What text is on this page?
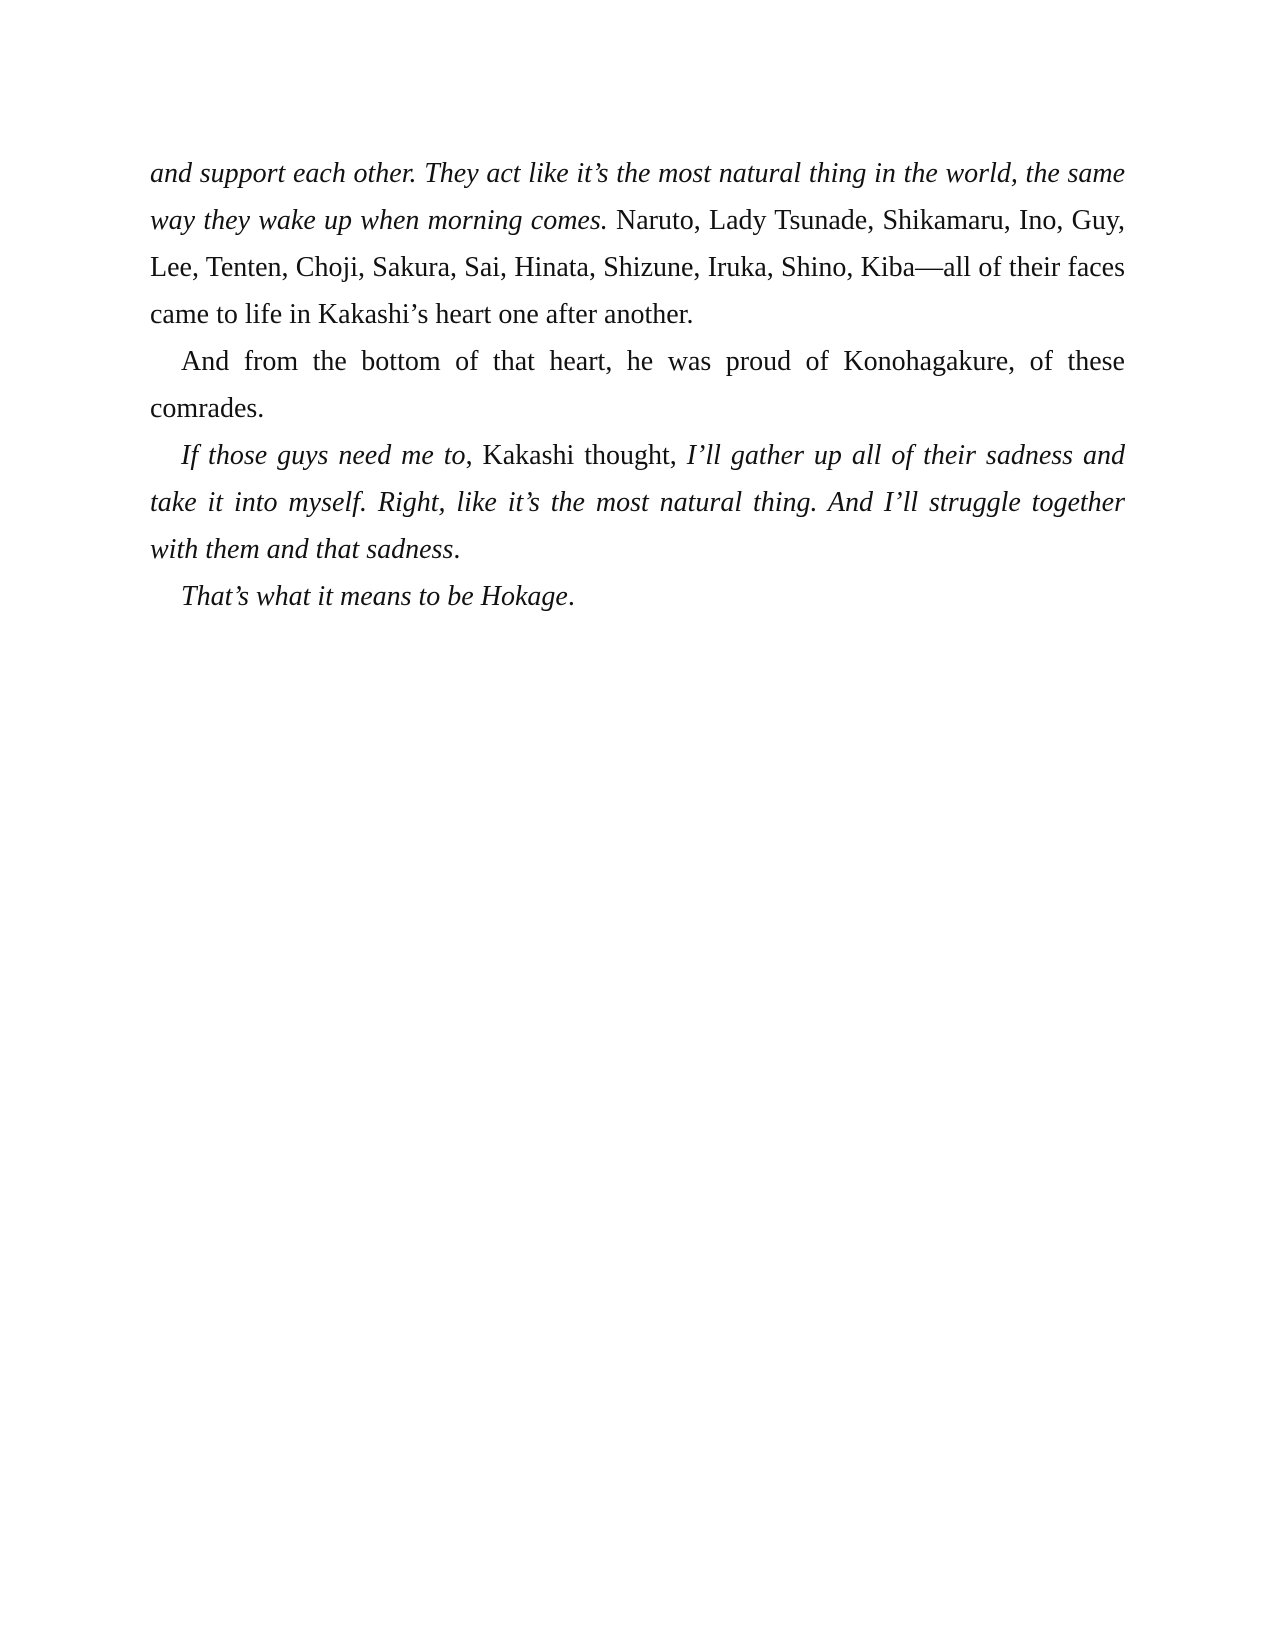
and support each other. They act like it’s the most natural thing in the world, the same way they wake up when morning comes. Naruto, Lady Tsunade, Shikamaru, Ino, Guy, Lee, Tenten, Choji, Sakura, Sai, Hinata, Shizune, Iruka, Shino, Kiba—all of their faces came to life in Kakashi’s heart one after another.

And from the bottom of that heart, he was proud of Konohagakure, of these comrades.

If those guys need me to, Kakashi thought, I’ll gather up all of their sadness and take it into myself. Right, like it’s the most natural thing. And I’ll struggle together with them and that sadness.

That’s what it means to be Hokage.
